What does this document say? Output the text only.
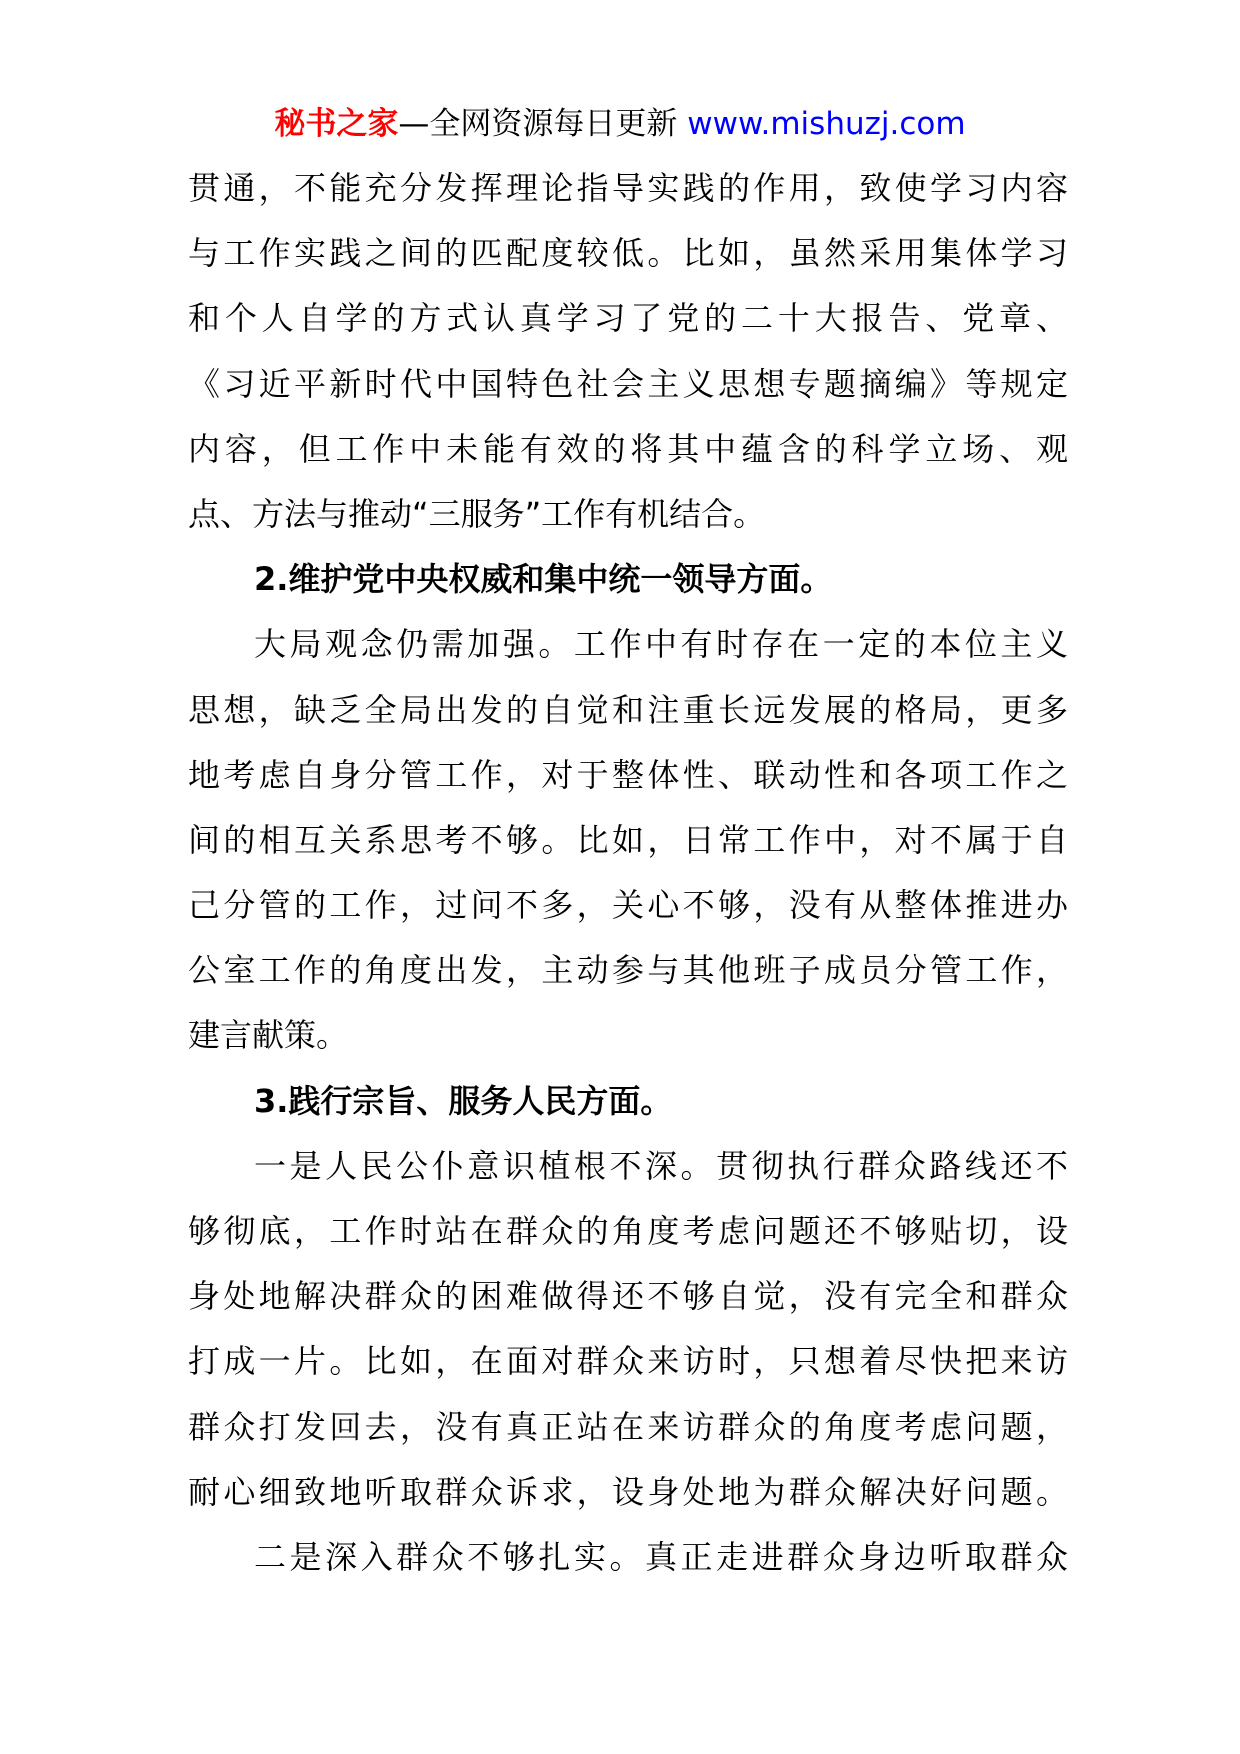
秘书之家—全网资源每日更新 www.mishuzj.com
贯通，不能充分发挥理论指导实践的作用，致使学习内容
与工作实践之间的匹配度较低。比如，虽然采用集体学习
和个人自学的方式认真学习了党的二十大报告、党章、
《习近平新时代中国特色社会主义思想专题摘编》等规定
内容，但工作中未能有效的将其中蕴含的科学立场、观
点、方法与推动“三服务”工作有机结合。
2.维护党中央权威和集中统一领导方面。
大局观念仍需加强。工作中有时存在一定的本位主义
思想，缺乏全局出发的自觉和注重长远发展的格局，更多
地考虑自身分管工作，对于整体性、联动性和各项工作之
间的相互关系思考不够。比如，日常工作中，对不属于自
己分管的工作，过问不多，关心不够，没有从整体推进办
公室工作的角度出发，主动参与其他班子成员分管工作，
建言献策。
3.践行宗旨、服务人民方面。
一是人民公仆意识植根不深。贯彻执行群众路线还不
够彻底，工作时站在群众的角度考虑问题还不够贴切，设
身处地解决群众的困难做得还不够自觉，没有完全和群众
打成一片。比如，在面对群众来访时，只想着尽快把来访
群众打发回去，没有真正站在来访群众的角度考虑问题，
耐心细致地听取群众诉求，设身处地为群众解决好问题。
二是深入群众不够扎实。真正走进群众身边听取群众
